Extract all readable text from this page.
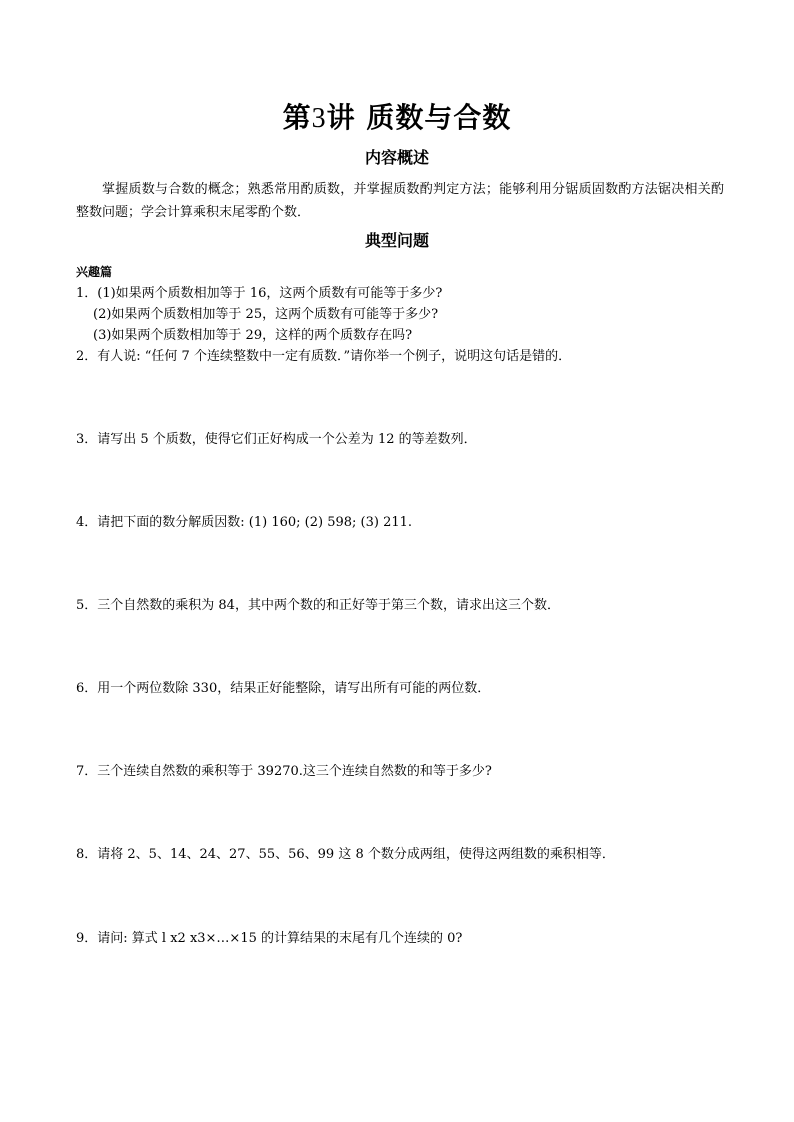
第3讲 质数与合数
内容概述
掌握质数与合数的概念；熟悉常用酌质数，并掌握质数酌判定方法；能够利用分锯质固数酌方法锯决相关酌整数问题；学会计算乘积末尾零酌个数．
典型问题
兴趣篇
1．(1)如果两个质数相加等于 16，这两个质数有可能等于多少?
(2)如果两个质数相加等于 25，这两个质数有可能等于多少?
(3)如果两个质数相加等于 29，这样的两个质数存在吗?
2．有人说: “任何 7 个连续整数中一定有质数．”请你举一个例子，说明这句话是错的．
3．请写出 5 个质数，使得它们正好构成一个公差为 12 的等差数列．
4．请把下面的数分解质因数: (1) 160; (2) 598; (3) 211.
5．三个自然数的乘积为 84，其中两个数的和正好等于第三个数，请求出这三个数．
6．用一个两位数除 330，结果正好能整除，请写出所有可能的两位数．
7．三个连续自然数的乘积等于 39270.这三个连续自然数的和等于多少?
8．请将 2、5、14、24、27、55、56、99 这 8 个数分成两组，使得这两组数的乘积相等．
9．请问: 算式 l x2 x3×…×15 的计算结果的末尾有几个连续的 0?
